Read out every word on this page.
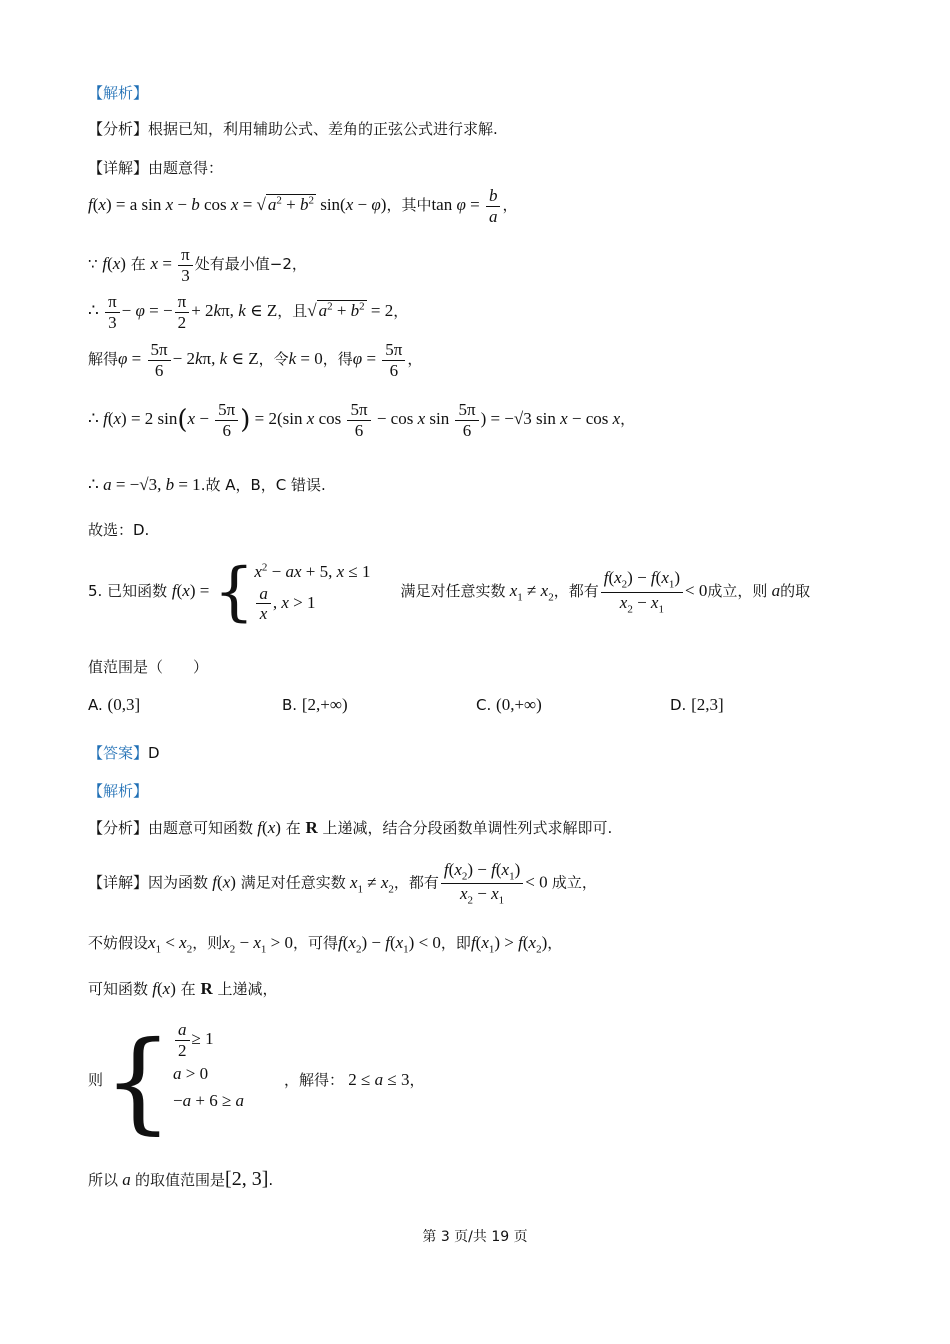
【解析】
【分析】根据已知，利用辅助公式、差角的正弦公式进行求解.
【详解】由题意得：
f(x) = a sin x − b cos x = √ $a^2 + b^2$ sin(x − φ)，其中$\tan \varphi = \frac{b}{a}$ ，
∵ f(x) 在 $x = \frac{\pi}{3}$ 处有最小值−2，
∴ $\frac{\pi}{3} - \varphi$ = − $\frac{\pi}{2} + 2k\pi$, k ∈ Z，且√ $a^2 + b^2 = 2$，
解得$\varphi = \frac{5\pi}{6} - 2k\pi$, k ∈ Z，令k = 0，得$\varphi = \frac{5\pi}{6}$ ，
∴ f(x) = 2 $\sin(x - \frac{5\pi}{6}$ ) = 2(sin x $\cos \frac{5\pi}{6} - \cos x$ $\sin \frac{5\pi}{6}$ ) = −√3 sin x − cos x，
∴ a = −√3, b = 1.故 A，B，C 错误.
故选：D.
5. 已知函数 f(x) = { $x^2$ − ax + 5, x ≤ 1
$\frac{a}{x}$ , x > 1
满足对任意实数 $x_1 \ne x_2$，都有 $\frac{f(x_2) - f(x_1)}{x_2 - x_1} < 0$成立，则 a的取
值范围是（　　）
A. (0,3]	B. [2,+∞)	C. (0,+∞)	D. [2,3]
【答案】D
【解析】
【分析】由题意可知函数 f(x) 在 R 上递减，结合分段函数单调性列式求解即可.
【详解】因为函数 f(x) 满足对任意实数 $x_1 \ne x_2$，都有 $\frac{f(x_2) - f(x_1)}{x_2 - x_1} < 0$ 成立，
不妨假设$x_1 < x_2$，则$x_2 - x_1 > 0$，可得$f(x_2) - f(x_1) < 0$，即$f(x_1) > f(x_2)$，
可知函数 f(x) 在 R 上递减，
则{ $\frac{a}{2} \ge 1$
a > 0
−a + 6 ≥ a

，解得： 2 ≤ a ≤ 3，
所以 a 的取值范围是[2, 3].
第 3 页/共 19 页
